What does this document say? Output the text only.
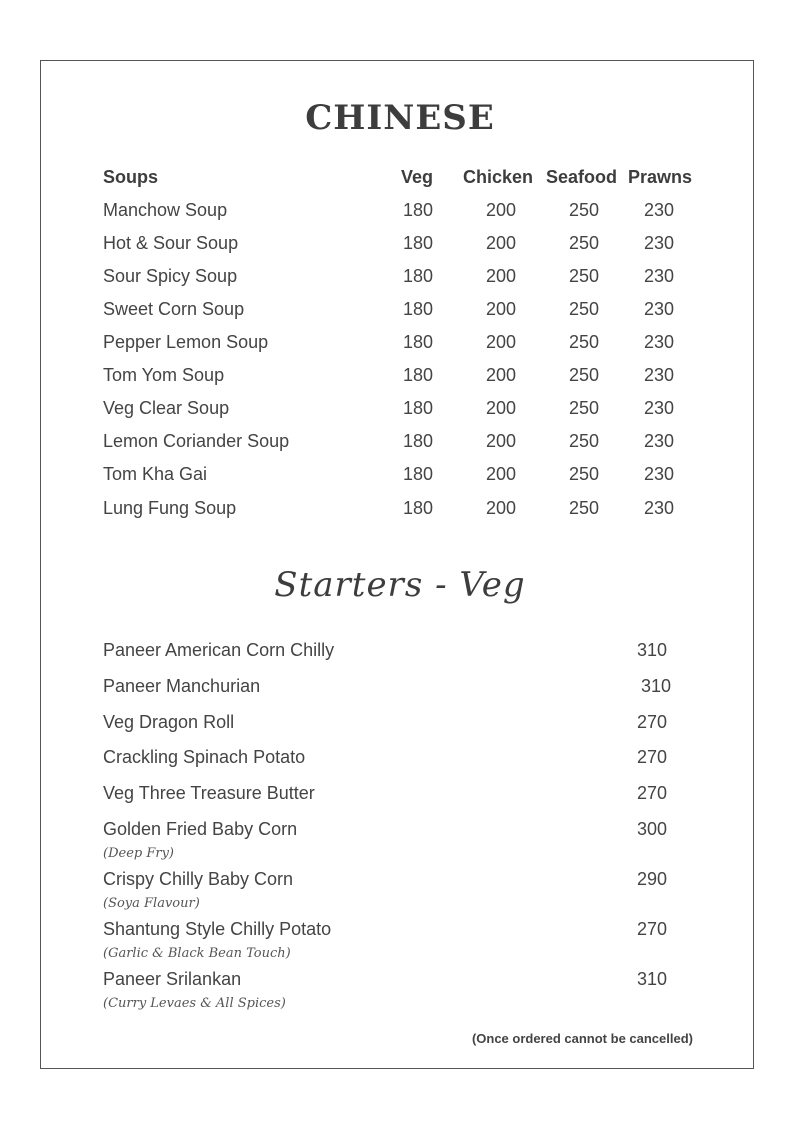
CHINESE
Soups	Veg Chicken Seafood Prawns
Manchow Soup	180	200	250	230
Hot & Sour Soup	180	200	250	230
Sour Spicy Soup	180	200	250	230
Sweet Corn Soup	180	200	250	230
Pepper Lemon Soup	180	200	250	230
Tom Yom Soup	180	200	250	230
Veg Clear Soup	180	200	250	230
Lemon Coriander Soup	180	200	250	230
Tom Kha Gai	180	200	250	230
Lung Fung Soup	180	200	250	230
Starters - Veg
Paneer American Corn Chilly	310
Paneer Manchurian	310
Veg Dragon Roll	270
Crackling Spinach Potato	270
Veg Three Treasure Butter	270
Golden Fried Baby Corn	300
(Deep Fry)
Crispy Chilly Baby Corn	290
(Soya Flavour)
Shantung Style Chilly Potato	270
(Garlic & Black Bean Touch)
Paneer Srilankan	310
(Curry Levaes & All Spices)
(Once ordered cannot be cancelled)
